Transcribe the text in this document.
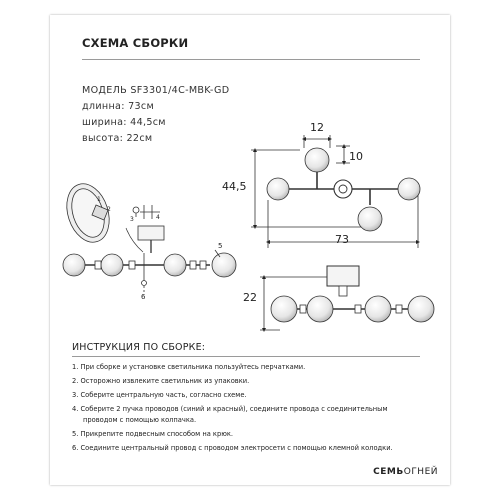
СХЕМА СБОРКИ
МОДЕЛЬ SF3301/4C-MBK-GD
длинна: 73см
ширина: 44,5см
высота: 22см
12
10
44,5
73
22
1
2
3	4
5
6
ИНСТРУКЦИЯ ПО СБОРКЕ:
1. При сборке и установке светильника пользуйтесь перчатками.
2. Осторожно извлеките светильник из упаковки.
3. Соберите центральную часть, согласно схеме.
4. Соберите 2 пучка проводов (синий и красный), соедините провода с соединительным
проводом с помощью колпачка.
5. Прикрепите подвесным способом на крюк.
6. Соедините центральный провод с проводом электросети с помощью клемной колодки.
СЕМЬОГНЕЙ
